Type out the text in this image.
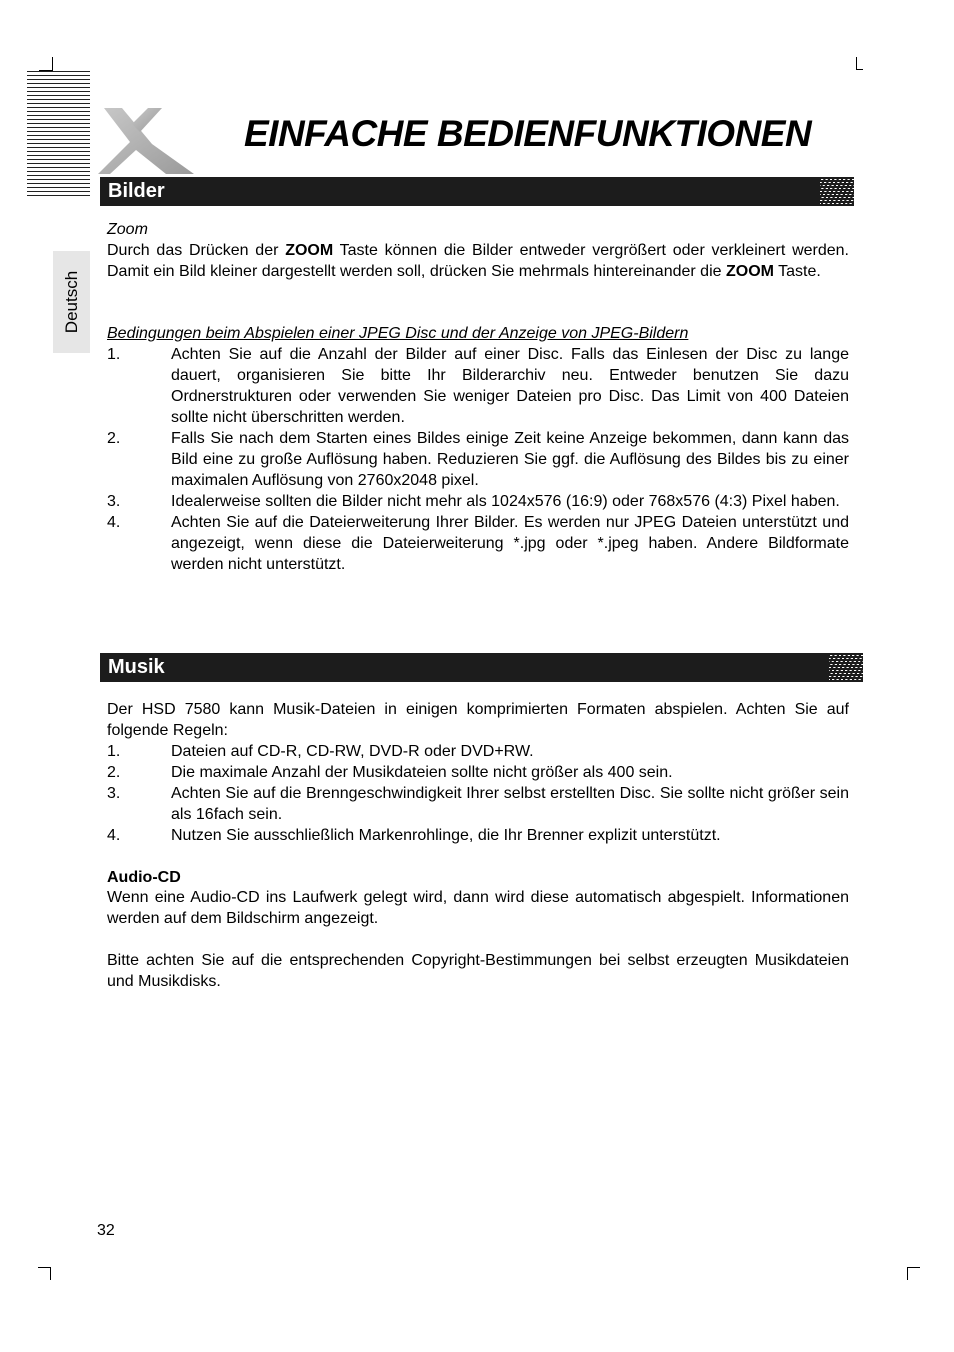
EINFACHE BEDIENFUNKTIONEN
Deutsch
Bilder
Zoom
Durch das Drücken der ZOOM Taste können die Bilder entweder vergrößert oder verkleinert werden. Damit ein Bild kleiner dargestellt werden soll, drücken Sie mehrmals hintereinander die ZOOM Taste.
Bedingungen beim Abspielen einer JPEG Disc und der Anzeige von JPEG-Bildern
1.	Achten Sie auf die Anzahl der Bilder auf einer Disc. Falls das Einlesen der Disc zu lange dauert, organisieren Sie bitte Ihr Bilderarchiv neu. Entweder benutzen Sie dazu Ordnerstrukturen oder verwenden Sie weniger Dateien pro Disc. Das Limit von 400 Dateien sollte nicht überschritten werden.
2.	Falls Sie nach dem Starten eines Bildes einige Zeit keine Anzeige bekommen, dann kann das Bild eine zu große Auflösung haben. Reduzieren Sie ggf. die Auflösung des Bildes bis zu einer maximalen Auflösung von 2760x2048 pixel.
3.	Idealerweise sollten die Bilder nicht mehr als 1024x576 (16:9) oder 768x576 (4:3) Pixel haben.
4.	Achten Sie auf die Dateierweiterung Ihrer Bilder. Es werden nur JPEG Dateien unterstützt und angezeigt, wenn diese die Dateierweiterung *.jpg oder *.jpeg haben. Andere Bildformate werden nicht unterstützt.
Musik
Der HSD 7580 kann Musik-Dateien in einigen komprimierten Formaten abspielen. Achten Sie auf folgende Regeln:
1.	Dateien auf CD-R, CD-RW, DVD-R oder DVD+RW.
2.	Die maximale Anzahl der Musikdateien sollte nicht größer als 400 sein.
3.	Achten Sie auf die Brenngeschwindigkeit Ihrer selbst erstellten Disc. Sie sollte nicht größer sein als 16fach sein.
4.	Nutzen Sie ausschließlich Markenrohlinge, die Ihr Brenner explizit unterstützt.
Audio-CD
Wenn eine Audio-CD ins Laufwerk gelegt wird, dann wird diese automatisch abgespielt. Informationen werden auf dem Bildschirm angezeigt.
Bitte achten Sie auf die entsprechenden Copyright-Bestimmungen bei selbst erzeugten Musikdateien und Musikdisks.
32
